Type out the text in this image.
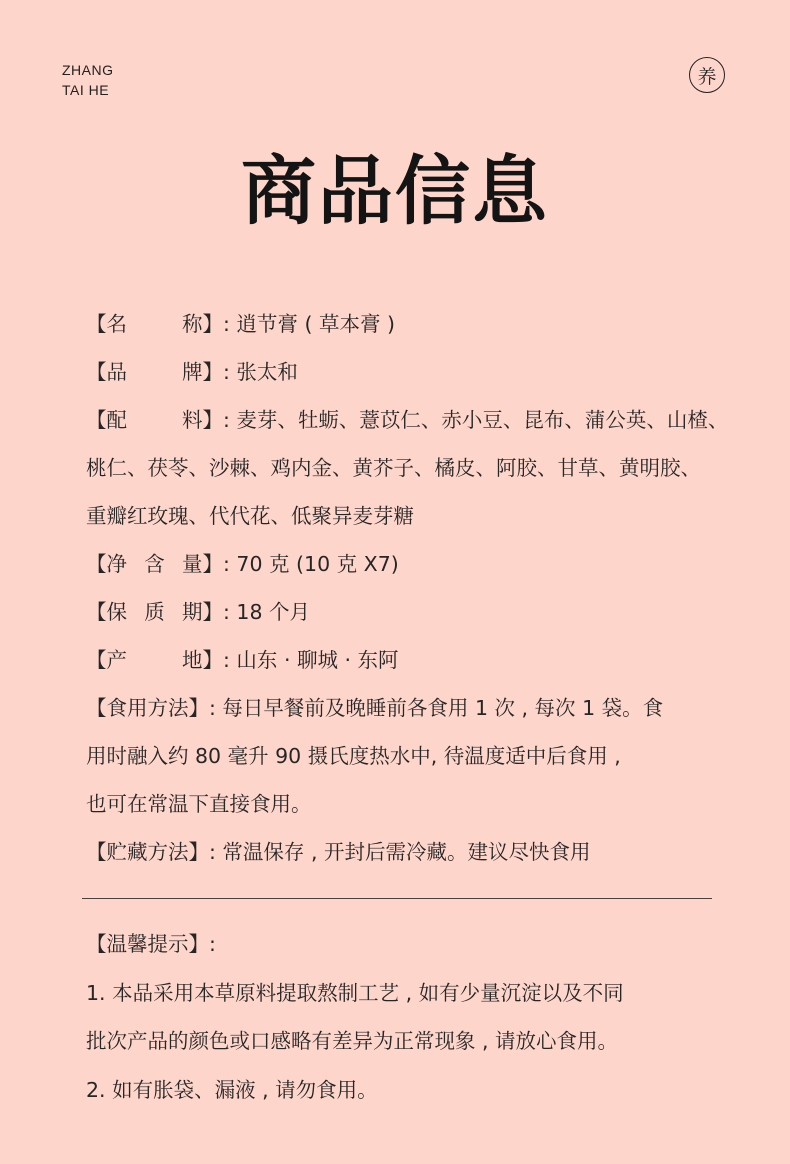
ZHANG
TAI HE
养
商品信息
【名称】: 逍节膏 ( 草本膏 )
【品牌】: 张太和
【配料】: 麦芽、牡蛎、薏苡仁、赤小豆、昆布、蒲公英、山楂、
桃仁、茯苓、沙棘、鸡内金、黄芥子、橘皮、阿胶、甘草、黄明胶、
重瓣红玫瑰、代代花、低聚异麦芽糖
【净含量】: 70 克 (10 克 X7)
【保质期】: 18 个月
【产地】: 山东 · 聊城 · 东阿
【食用方法】: 每日早餐前及晚睡前各食用 1 次 , 每次 1 袋。食
用时融入约 80 毫升 90 摄氏度热水中, 待温度适中后食用 ,
也可在常温下直接食用。
【贮藏方法】: 常温保存 , 开封后需冷藏。建议尽快食用
【温馨提示】:
1. 本品采用本草原料提取熬制工艺 , 如有少量沉淀以及不同
批次产品的颜色或口感略有差异为正常现象 , 请放心食用。
2. 如有胀袋、漏液 , 请勿食用。
